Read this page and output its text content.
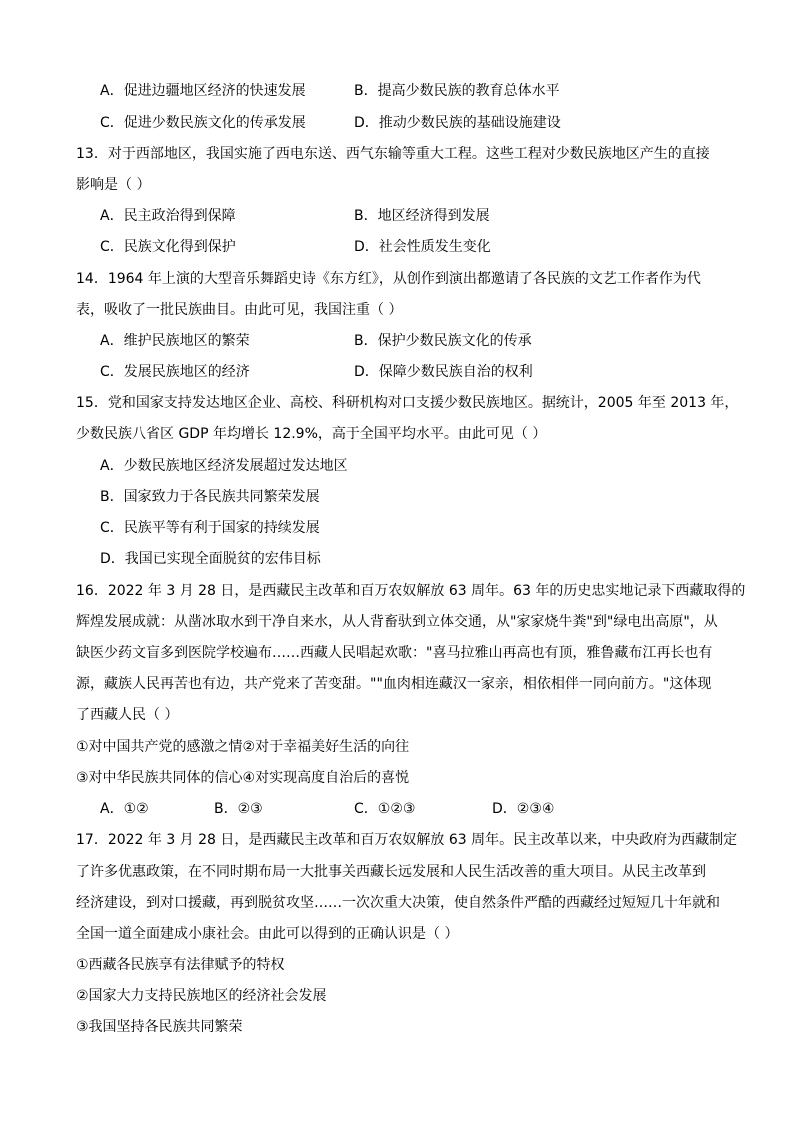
A．促进边疆地区经济的快速发展	B．提高少数民族的教育总体水平
C．促进少数民族文化的传承发展	D．推动少数民族的基础设施建设
13．对于西部地区，我国实施了西电东送、西气东输等重大工程。这些工程对少数民族地区产生的直接
影响是（ ）
A．民主政治得到保障	B．地区经济得到发展
C．民族文化得到保护	D．社会性质发生变化
14．1964 年上演的大型音乐舞蹈史诗《东方红》，从创作到演出都邀请了各民族的文艺工作者作为代
表，吸收了一批民族曲目。由此可见，我国注重（ ）
A．维护民族地区的繁荣	B．保护少数民族文化的传承
C．发展民族地区的经济	D．保障少数民族自治的权利
15．党和国家支持发达地区企业、高校、科研机构对口支援少数民族地区。据统计，2005 年至 2013 年，
少数民族八省区 GDP 年均增长 12.9%，高于全国平均水平。由此可见（ ）
A．少数民族地区经济发展超过发达地区
B．国家致力于各民族共同繁荣发展
C．民族平等有利于国家的持续发展
D．我国已实现全面脱贫的宏伟目标
16．2022 年 3 月 28 日，是西藏民主改革和百万农奴解放 63 周年。63 年的历史忠实地记录下西藏取得的
辉煌发展成就：从凿冰取水到干净自来水，从人背畜驮到立体交通，从"家家烧牛粪"到"绿电出高原"，从
缺医少药文盲多到医院学校遍布……西藏人民唱起欢歌："喜马拉雅山再高也有顶，雅鲁藏布江再长也有
源，藏族人民再苦也有边，共产党来了苦变甜。""血肉相连藏汉一家亲，相依相伴一同向前方。"这体现
了西藏人民（ ）
①对中国共产党的感激之情②对于幸福美好生活的向往
③对中华民族共同体的信心④对实现高度自治后的喜悦
A．①②	B．②③	C．①②③	D．②③④
17．2022 年 3 月 28 日，是西藏民主改革和百万农奴解放 63 周年。民主改革以来，中央政府为西藏制定
了许多优惠政策，在不同时期布局一大批事关西藏长远发展和人民生活改善的重大项目。从民主改革到
经济建设，到对口援藏，再到脱贫攻坚……一次次重大决策，使自然条件严酷的西藏经过短短几十年就和
全国一道全面建成小康社会。由此可以得到的正确认识是（ ）
①西藏各民族享有法律赋予的特权
②国家大力支持民族地区的经济社会发展
③我国坚持各民族共同繁荣
